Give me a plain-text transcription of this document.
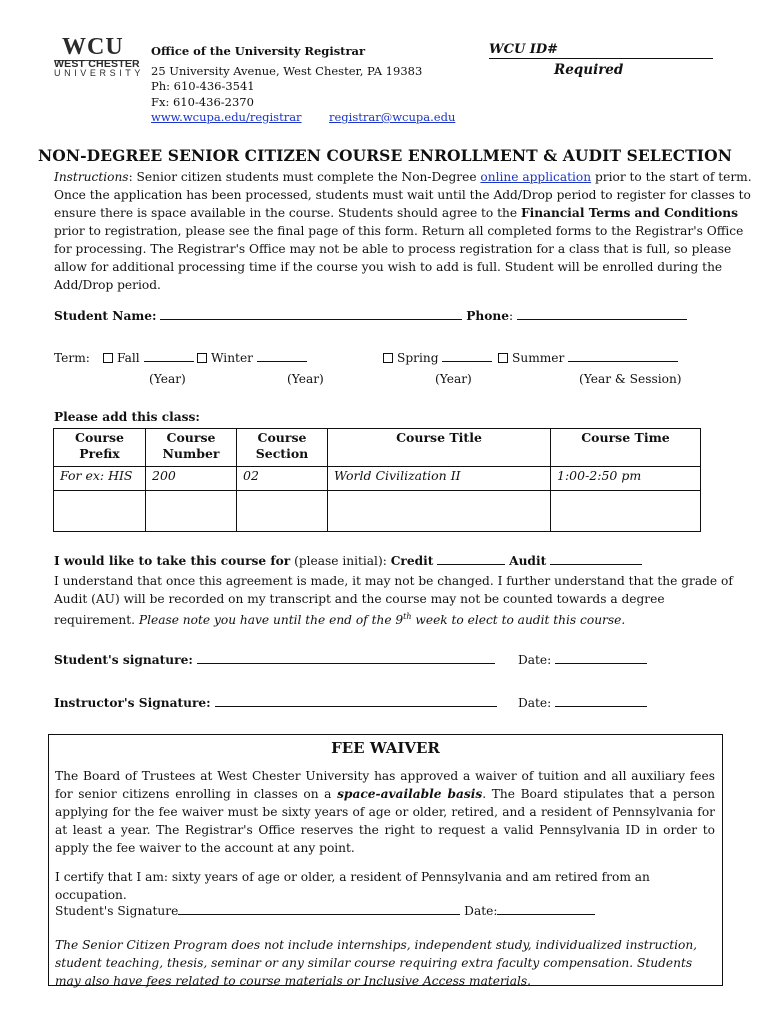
WCU
WEST CHESTER
UNIVERSITY
Office of the University Registrar
25 University Avenue, West Chester, PA 19383
Ph: 610-436-3541
Fx: 610-436-2370
www.wcupa.edu/registrar registrar@wcupa.edu
WCU ID#
Required
NON-DEGREE SENIOR CITIZEN COURSE ENROLLMENT & AUDIT SELECTION
Instructions: Senior citizen students must complete the Non-Degree online application prior to the start of term. Once the application has been processed, students must wait until the Add/Drop period to register for classes to ensure there is space available in the course. Students should agree to the Financial Terms and Conditions prior to registration, please see the final page of this form. Return all completed forms to the Registrar's Office for processing. The Registrar's Office may not be able to process registration for a class that is full, so please allow for additional processing time if the course you wish to add is full. Student will be enrolled during the Add/Drop period.
Student Name:	Phone:
Term:	Fall	Winter	Spring	Summer
(Year)	(Year)	(Year)	(Year & Session)
Please add this class:
Course Prefix	Course Number	Course Section	Course Title	Course Time
For ex: HIS	200	02	World Civilization II	1:00-2:50 pm

I would like to take this course for (please initial): Credit	Audit
I understand that once this agreement is made, it may not be changed. I further understand that the grade of Audit (AU) will be recorded on my transcript and the course may not be counted towards a degree requirement. Please note you have until the end of the 9th week to elect to audit this course.
Student's signature:	Date:
Instructor's Signature:	Date:
FEE WAIVER
The Board of Trustees at West Chester University has approved a waiver of tuition and all auxiliary fees for senior citizens enrolling in classes on a space-available basis. The Board stipulates that a person applying for the fee waiver must be sixty years of age or older, retired, and a resident of Pennsylvania for at least a year. The Registrar's Office reserves the right to request a valid Pennsylvania ID in order to apply the fee waiver to the account at any point.
I certify that I am: sixty years of age or older, a resident of Pennsylvania and am retired from an occupation.
Student's Signature	Date:
The Senior Citizen Program does not include internships, independent study, individualized instruction, student teaching, thesis, seminar or any similar course requiring extra faculty compensation. Students may also have fees related to course materials or Inclusive Access materials.
